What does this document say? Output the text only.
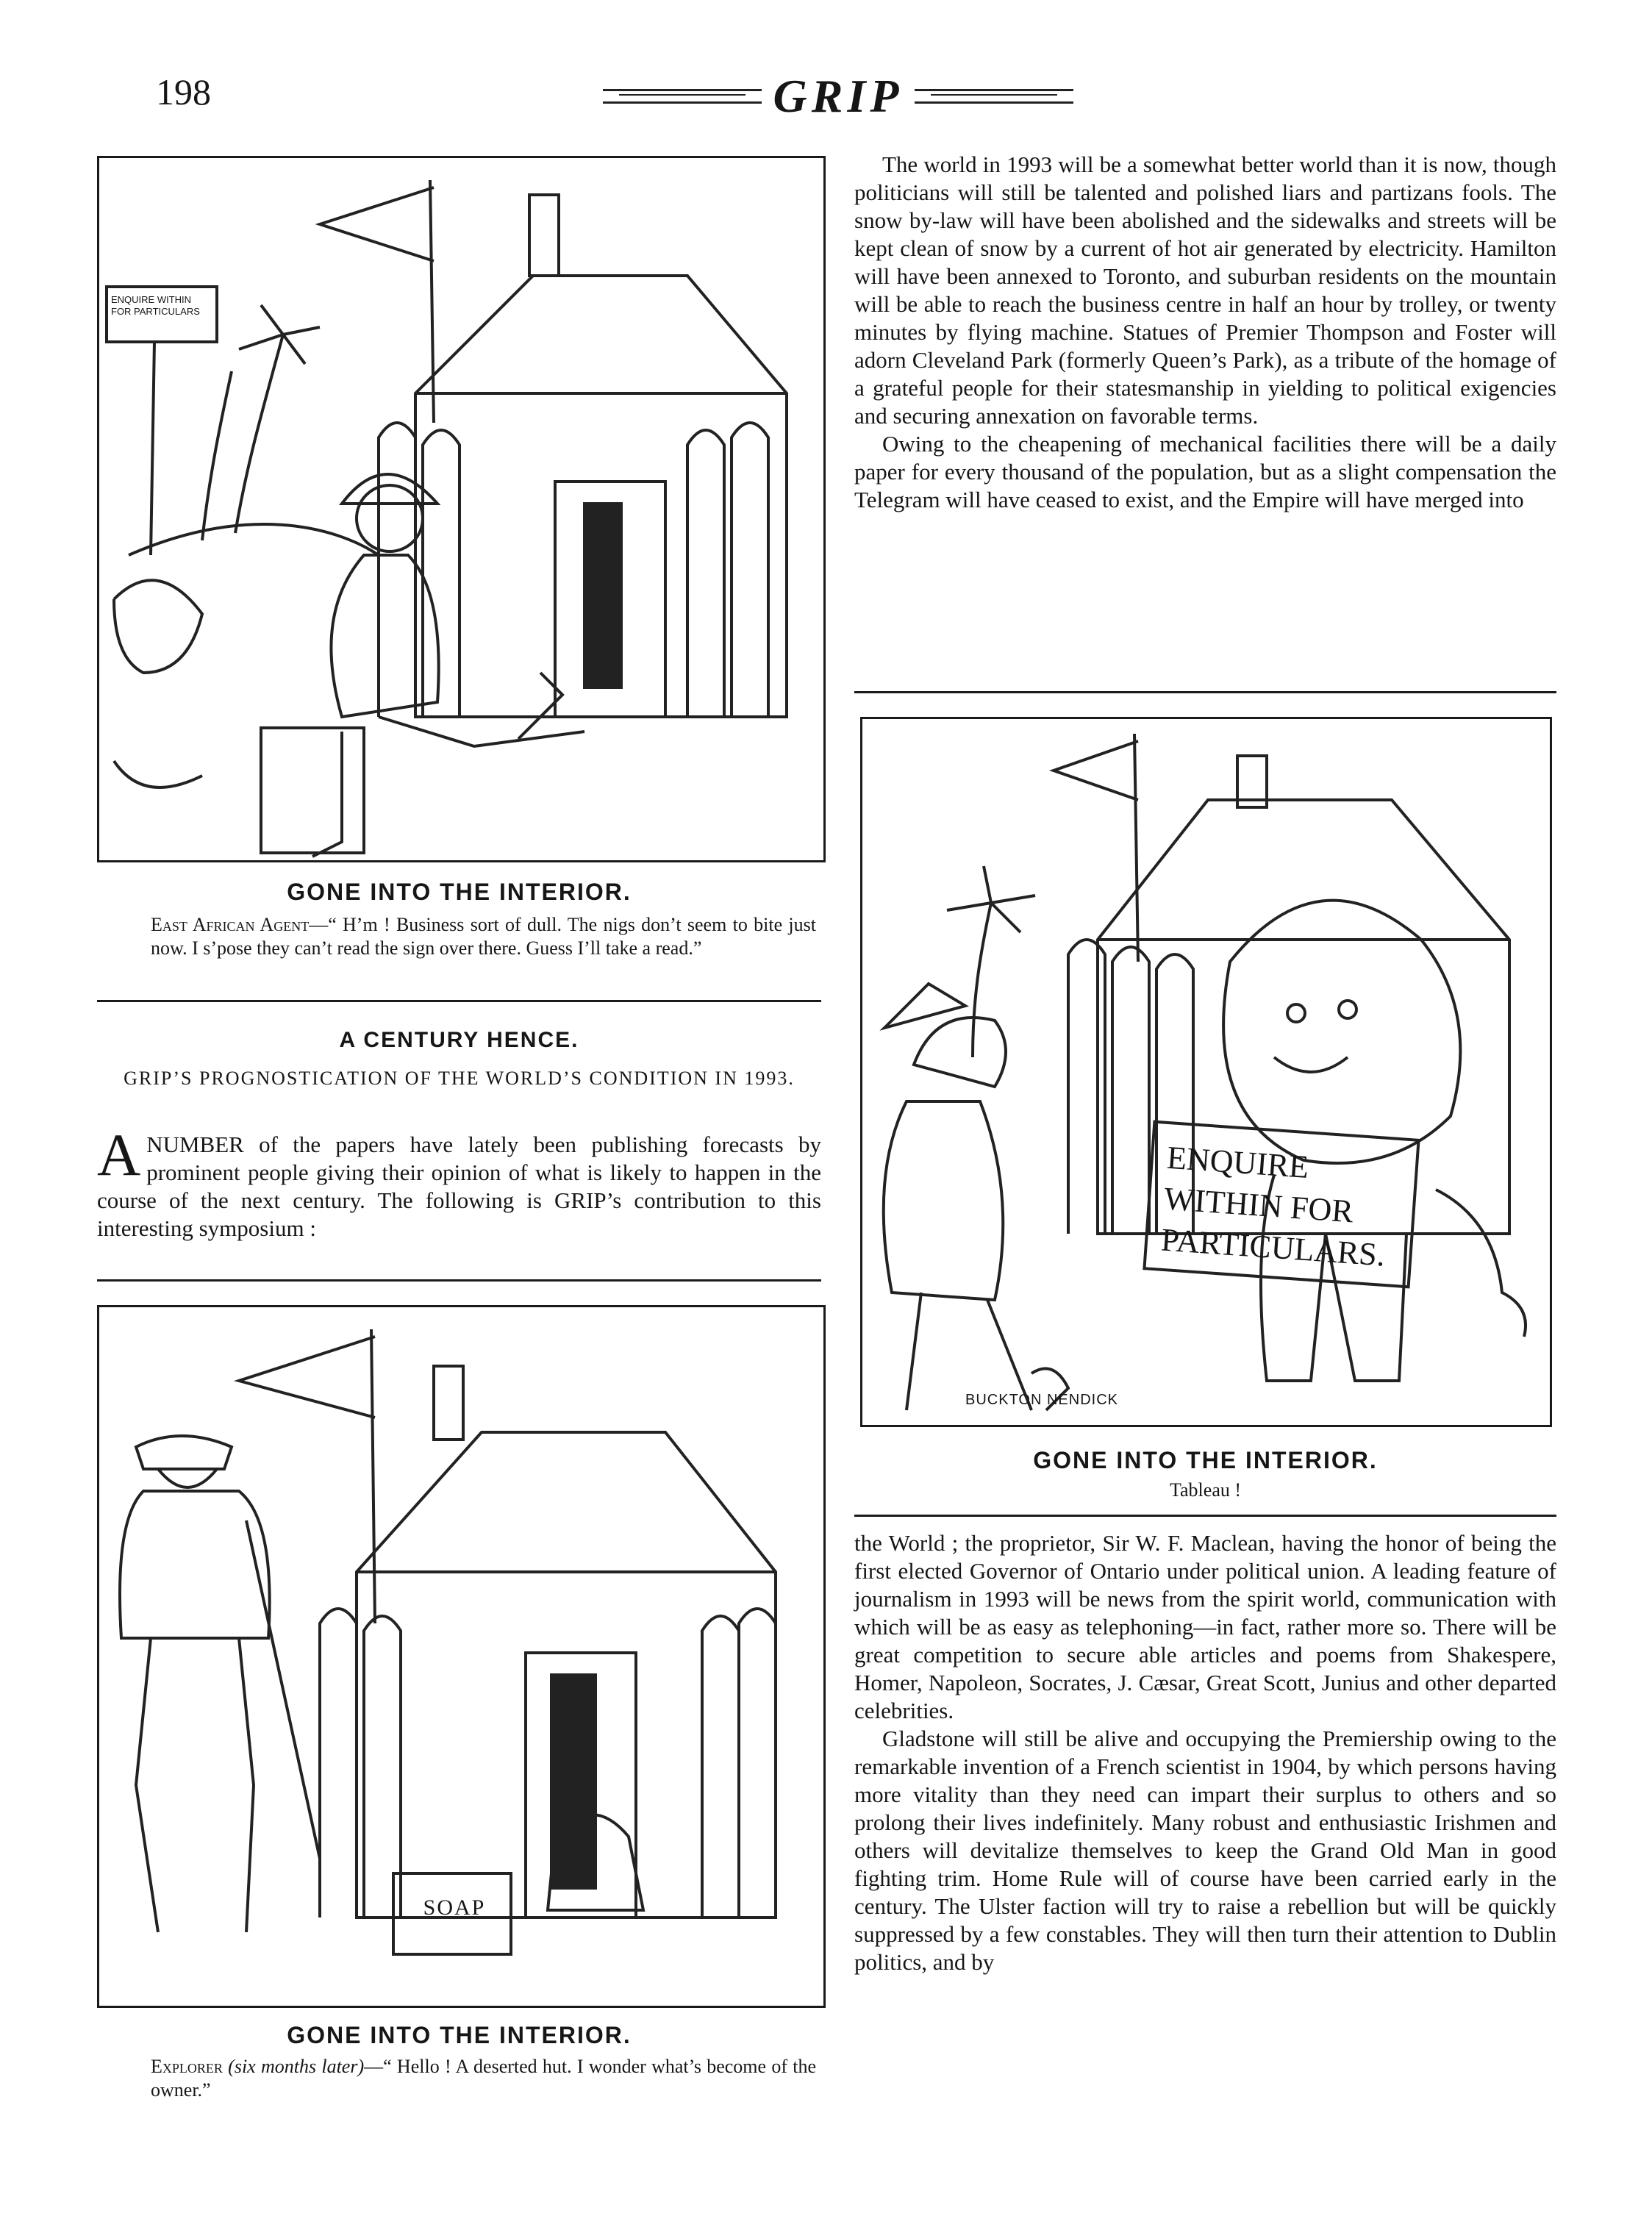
198	GRIP
ENQUIRE WITHIN FOR PARTICULARS
GONE INTO THE INTERIOR.
East African Agent—“ H’m ! Business sort of dull. The nigs don’t seem to bite just now. I s’pose they can’t read the sign over there. Guess I’ll take a read.”
A CENTURY HENCE.
GRIP’S PROGNOSTICATION OF THE WORLD’S CONDITION IN 1993.
ANUMBER of the papers have lately been publishing forecasts by prominent people giving their opinion of what is likely to happen in the course of the next century. The following is GRIP’s contribution to this interesting symposium :
SOAP
GONE INTO THE INTERIOR.
Explorer (six months later)—“ Hello ! A deserted hut. I wonder what’s become of the owner.”

The world in 1993 will be a somewhat better world than it is now, though politicians will still be talented and polished liars and partizans fools. The snow by-law will have been abolished and the sidewalks and streets will be kept clean of snow by a current of hot air generated by electricity. Hamilton will have been annexed to Toronto, and suburban residents on the mountain will be able to reach the business centre in half an hour by trolley, or twenty minutes by flying machine. Statues of Premier Thompson and Foster will adorn Cleveland Park (formerly Queen’s Park), as a tribute of the homage of a grateful people for their statesmanship in yielding to political exigencies and securing annexation on favorable terms.

Owing to the cheapening of mechanical facilities there will be a daily paper for every thousand of the population, but as a slight compensation the Telegram will have ceased to exist, and the Empire will have merged into

ENQUIRE
WITHIN FOR
PARTICULARS.
BUCKTON NENDICK
GONE INTO THE INTERIOR.
Tableau !

the World ; the proprietor, Sir W. F. Maclean, having the honor of being the first elected Governor of Ontario under political union. A leading feature of journalism in 1993 will be news from the spirit world, communication with which will be as easy as telephoning—in fact, rather more so. There will be great competition to secure able articles and poems from Shakespere, Homer, Napoleon, Socrates, J. Cæsar, Great Scott, Junius and other departed celebrities.

Gladstone will still be alive and occupying the Premiership owing to the remarkable invention of a French scientist in 1904, by which persons having more vitality than they need can impart their surplus to others and so prolong their lives indefinitely. Many robust and enthusiastic Irishmen and others will devitalize themselves to keep the Grand Old Man in good fighting trim. Home Rule will of course have been carried early in the century. The Ulster faction will try to raise a rebellion but will be quickly suppressed by a few constables. They will then turn their attention to Dublin politics, and by
